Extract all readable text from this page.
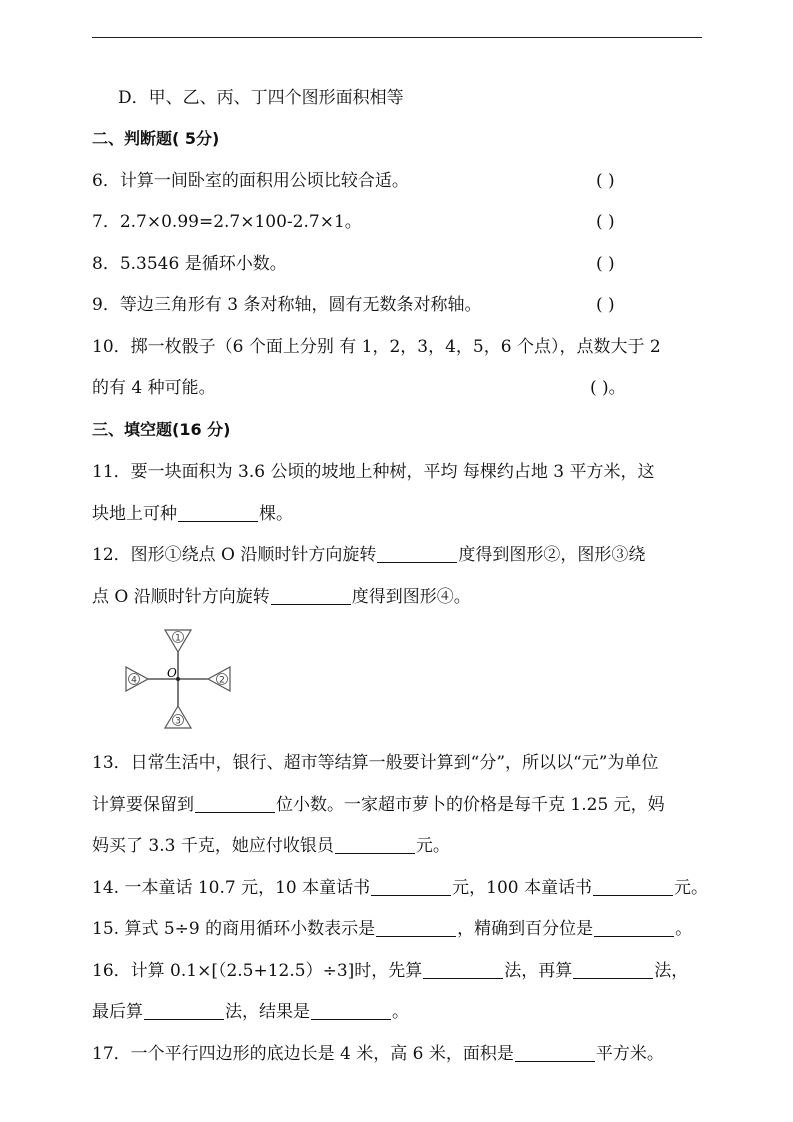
D．甲、乙、丙、丁四个图形面积相等
二、判断题( 5分)
6．计算一间卧室的面积用公顷比较合适。	( )
7．2.7×0.99=2.7×100-2.7×1。	( )
8．5.3546 是循环小数。	( )
9．等边三角形有 3 条对称轴，圆有无数条对称轴。	( )
10．掷一枚骰子（6 个面上分别 有 1，2，3，4，5，6 个点），点数大于 2
的有 4 种可能。	( )。
三、填空题(16 分)
11．要一块面积为 3.6 公顷的坡地上种树，平均 每棵约占地 3 平方米，这
块地上可种	棵。
12．图形①绕点 O 沿顺时针方向旋转	度得到图形②，图形③绕
点 O 沿顺时针方向旋转	度得到图形④。
O
1
2
3
4
13．日常生活中，银行、超市等结算一般要计算到“分”，所以以“元”为单位
计算要保留到	位小数。一家超市萝卜的价格是每千克 1.25 元，妈
妈买了 3.3 千克，她应付收银员	元。
14. 一本童话 10.7 元，10 本童话书	元，100 本童话书	元。
15. 算式 5÷9 的商用循环小数表示是	，精确到百分位是	。
16．计算 0.1×[（2.5+12.5）÷3]时，先算	法，再算	法，
最后算	法，结果是	。
17．一个平行四边形的底边长是 4 米，高 6 米，面积是	平方米。
